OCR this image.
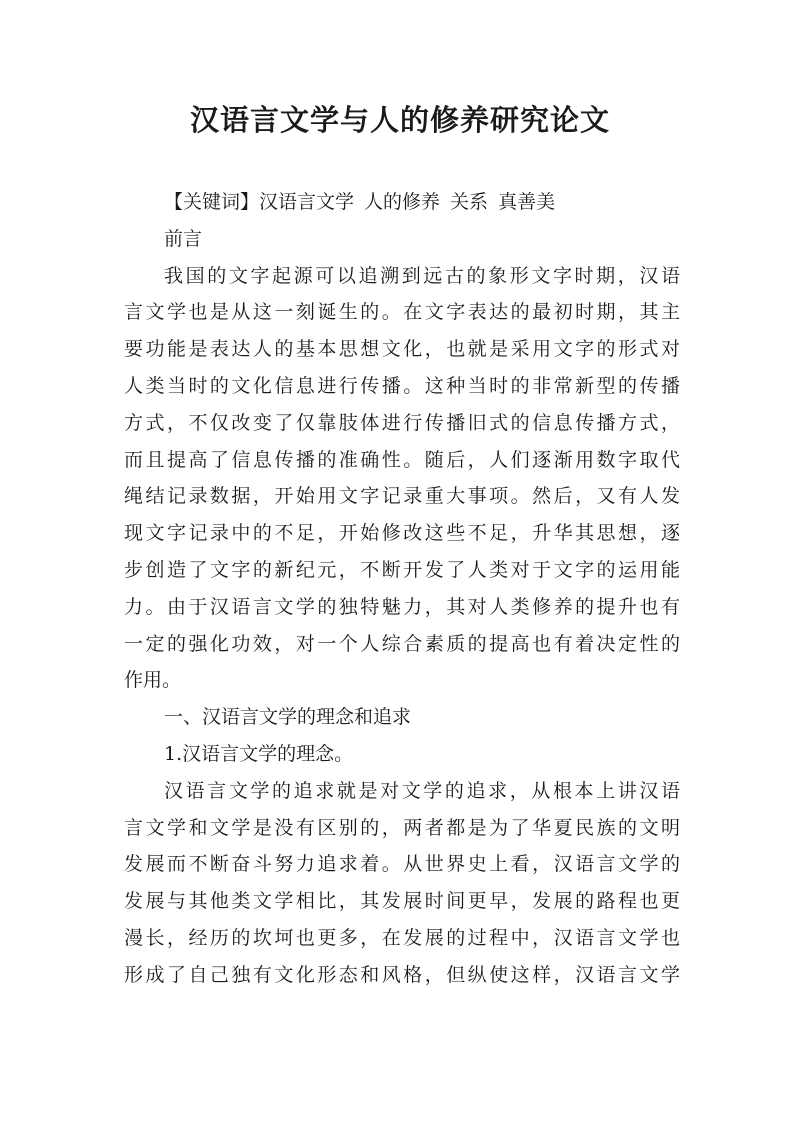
汉语言文学与人的修养研究论文
【关键词】汉语言文学 人的修养 关系 真善美
前言
我国的文字起源可以追溯到远古的象形文字时期，汉语
言文学也是从这一刻诞生的。在文字表达的最初时期，其主
要功能是表达人的基本思想文化，也就是采用文字的形式对
人类当时的文化信息进行传播。这种当时的非常新型的传播
方式，不仅改变了仅靠肢体进行传播旧式的信息传播方式，
而且提高了信息传播的准确性。随后，人们逐渐用数字取代
绳结记录数据，开始用文字记录重大事项。然后，又有人发
现文字记录中的不足，开始修改这些不足，升华其思想，逐
步创造了文字的新纪元，不断开发了人类对于文字的运用能
力。由于汉语言文学的独特魅力，其对人类修养的提升也有
一定的强化功效，对一个人综合素质的提高也有着决定性的
作用。
一、汉语言文学的理念和追求
1.汉语言文学的理念。
汉语言文学的追求就是对文学的追求，从根本上讲汉语
言文学和文学是没有区别的，两者都是为了华夏民族的文明
发展而不断奋斗努力追求着。从世界史上看，汉语言文学的
发展与其他类文学相比，其发展时间更早，发展的路程也更
漫长，经历的坎坷也更多，在发展的过程中，汉语言文学也
形成了自己独有文化形态和风格，但纵使这样，汉语言文学
